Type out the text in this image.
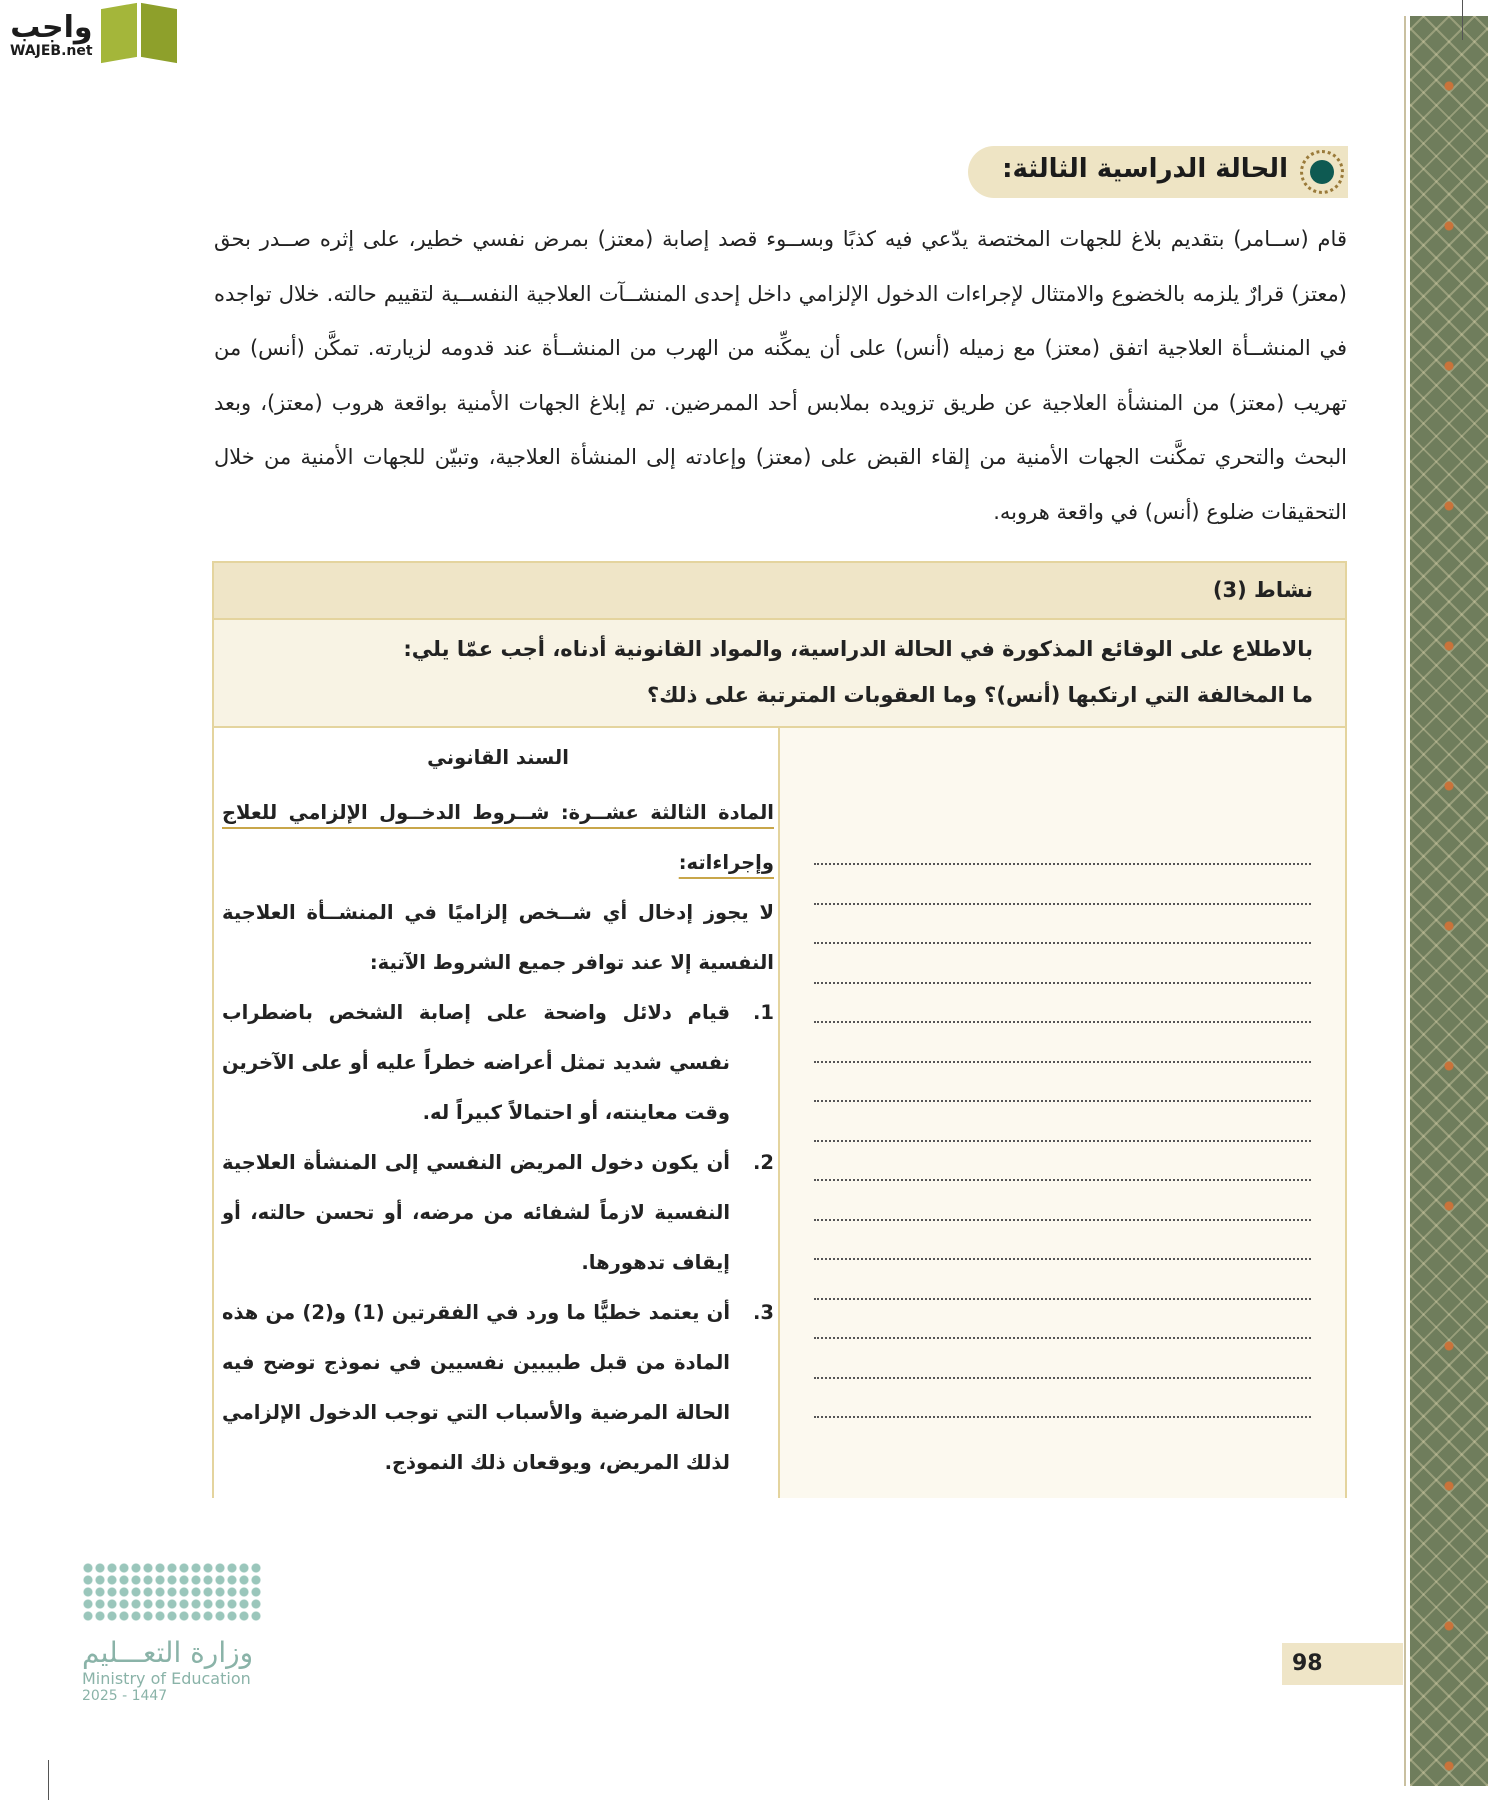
واجب
WAJEB.net
الحالة الدراسية الثالثة:
قام (ســامر) بتقديم بلاغ للجهات المختصة يدّعي فيه كذبًا وبســوء قصد إصابة (معتز) بمرض نفسي خطير، على إثره صــدر بحق (معتز) قرارٌ يلزمه بالخضوع والامتثال لإجراءات الدخول الإلزامي داخل إحدى المنشــآت العلاجية النفســية لتقييم حالته. خلال تواجده في المنشــأة العلاجية اتفق (معتز) مع زميله (أنس) على أن يمكِّنه من الهرب من المنشــأة عند قدومه لزيارته. تمكَّن (أنس) من تهريب (معتز) من المنشأة العلاجية عن طريق تزويده بملابس أحد الممرضين. تم إبلاغ الجهات الأمنية بواقعة هروب (معتز)، وبعد البحث والتحري تمكَّنت الجهات الأمنية من إلقاء القبض على (معتز) وإعادته إلى المنشأة العلاجية، وتبيّن للجهات الأمنية من خلال التحقيقات ضلوع (أنس) في واقعة هروبه.
نشاط (3)
بالاطلاع على الوقائع المذكورة في الحالة الدراسية، والمواد القانونية أدناه، أجب عمّا يلي:
ما المخالفة التي ارتكبها (أنس)؟ وما العقوبات المترتبة على ذلك؟
السند القانوني
المادة الثالثة عشــرة: شــروط الدخــول الإلزامي للعلاج وإجراءاته:
لا يجوز إدخال أي شــخص إلزاميًا في المنشــأة العلاجية النفسية إلا عند توافر جميع الشروط الآتية:
1.
قيام دلائل واضحة على إصابة الشخص باضطراب نفسي شديد تمثل أعراضه خطراً عليه أو على الآخرين وقت معاينته، أو احتمالاً كبيراً له.
2.
أن يكون دخول المريض النفسي إلى المنشأة العلاجية النفسية لازماً لشفائه من مرضه، أو تحسن حالته، أو إيقاف تدهورها.
3.
أن يعتمد خطيًّا ما ورد في الفقرتين (1) و(2) من هذه المادة من قبل طبيبين نفسيين في نموذج توضح فيه الحالة المرضية والأسباب التي توجب الدخول الإلزامي لذلك المريض، ويوقعان ذلك النموذج.
98
وزارة التعـــليم
Ministry of Education
2025 - 1447
